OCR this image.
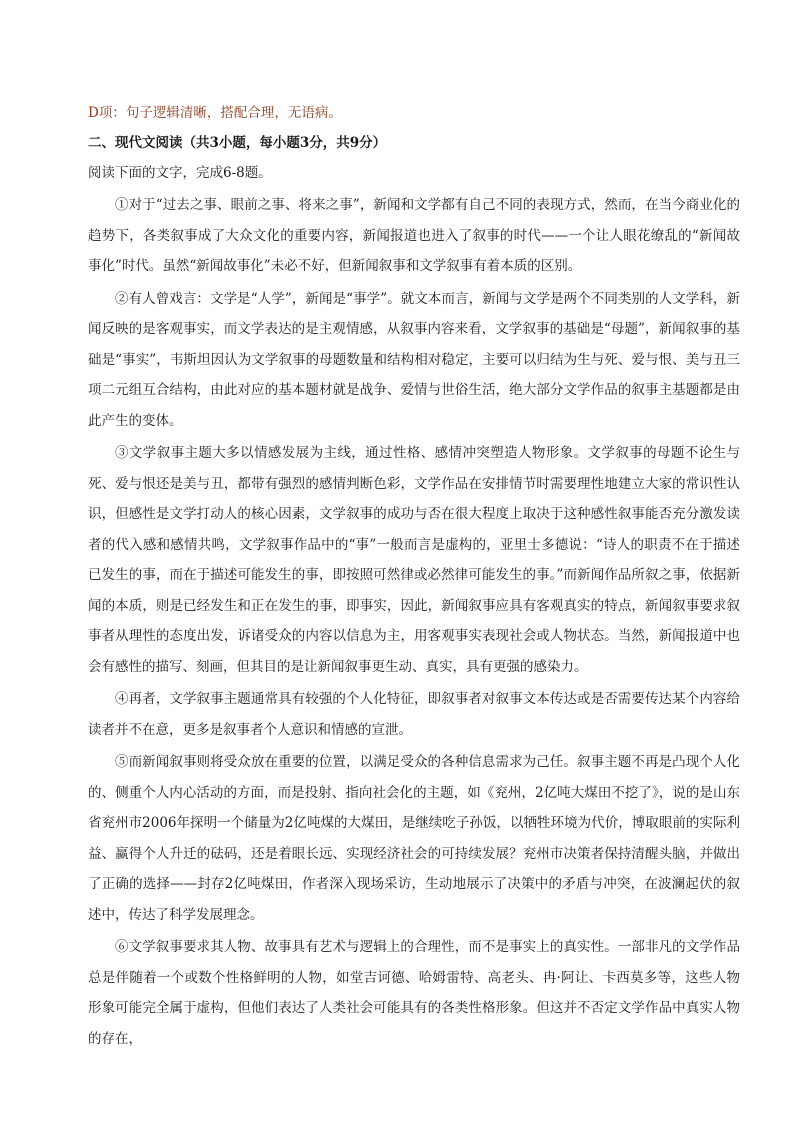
D项：句子逻辑清晰，搭配合理，无语病。

二、现代文阅读（共3小题，每小题3分，共9分）

阅读下面的文字，完成6-8题。

①对于“过去之事、眼前之事、将来之事”，新闻和文学都有自己不同的表现方式，然而，在当今商业化的趋势下，各类叙事成了大众文化的重要内容，新闻报道也进入了叙事的时代——一个让人眼花缭乱的“新闻故事化”时代。虽然“新闻故事化”未必不好，但新闻叙事和文学叙事有着本质的区别。

②有人曾戏言：文学是“人学”，新闻是“事学”。就文本而言，新闻与文学是两个不同类别的人文学科，新闻反映的是客观事实，而文学表达的是主观情感，从叙事内容来看，文学叙事的基础是“母题”，新闻叙事的基础是“事实”，韦斯坦因认为文学叙事的母题数量和结构相对稳定，主要可以归结为生与死、爱与恨、美与丑三项二元组互合结构，由此对应的基本题材就是战争、爱情与世俗生活，绝大部分文学作品的叙事主基题都是由此产生的变体。

③文学叙事主题大多以情感发展为主线，通过性格、感情冲突塑造人物形象。文学叙事的母题不论生与死、爱与恨还是美与丑，都带有强烈的感情判断色彩，文学作品在安排情节时需要理性地建立大家的常识性认识，但感性是文学打动人的核心因素，文学叙事的成功与否在很大程度上取决于这种感性叙事能否充分激发读者的代入感和感情共鸣，文学叙事作品中的“事”一般而言是虚构的，亚里士多德说：“诗人的职责不在于描述已发生的事，而在于描述可能发生的事，即按照可然律或必然律可能发生的事。”而新闻作品所叙之事，依据新闻的本质，则是已经发生和正在发生的事，即事实，因此，新闻叙事应具有客观真实的特点，新闻叙事要求叙事者从理性的态度出发，诉诸受众的内容以信息为主，用客观事实表现社会或人物状态。当然，新闻报道中也会有感性的描写、刻画，但其目的是让新闻叙事更生动、真实，具有更强的感染力。

④再者，文学叙事主题通常具有较强的个人化特征，即叙事者对叙事文本传达或是否需要传达某个内容给读者并不在意，更多是叙事者个人意识和情感的宣泄。

⑤而新闻叙事则将受众放在重要的位置，以满足受众的各种信息需求为己任。叙事主题不再是凸现个人化的、侧重个人内心活动的方面，而是投射、指向社会化的主题，如《兖州，2亿吨大煤田不挖了》，说的是山东省兖州市2006年探明一个储量为2亿吨煤的大煤田，是继续吃子孙饭，以牺牲环境为代价，博取眼前的实际利益、赢得个人升迁的砝码，还是着眼长远、实现经济社会的可持续发展？兖州市决策者保持清醒头脑，并做出了正确的选择——封存2亿吨煤田，作者深入现场采访，生动地展示了决策中的矛盾与冲突，在波澜起伏的叙述中，传达了科学发展理念。

⑥文学叙事要求其人物、故事具有艺术与逻辑上的合理性，而不是事实上的真实性。一部非凡的文学作品总是伴随着一个或数个性格鲜明的人物，如堂吉诃德、哈姆雷特、高老头、冉·阿让、卡西莫多等，这些人物形象可能完全属于虚构，但他们表达了人类社会可能具有的各类性格形象。但这并不否定文学作品中真实人物的存在，
